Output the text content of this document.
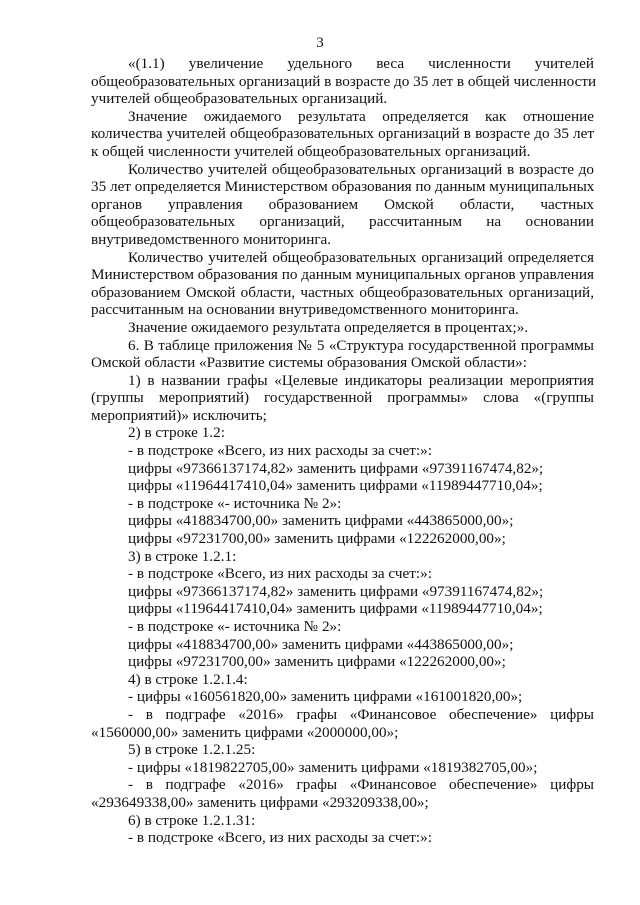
3
«(1.1) увеличение удельного веса численности учителей
общеобразовательных организаций в возрасте до 35 лет в общей численности
учителей общеобразовательных организаций.
Значение ожидаемого результата определяется как отношение
количества учителей общеобразовательных организаций в возрасте до 35 лет
к общей численности учителей общеобразовательных организаций.
Количество учителей общеобразовательных организаций в возрасте до
35 лет определяется Министерством образования по данным муниципальных
органов управления образованием Омской области, частных
общеобразовательных организаций, рассчитанным на основании
внутриведомственного мониторинга.
Количество учителей общеобразовательных организаций определяется
Министерством образования по данным муниципальных органов управления
образованием Омской области, частных общеобразовательных организаций,
рассчитанным на основании внутриведомственного мониторинга.
Значение ожидаемого результата определяется в процентах;».
6. В таблице приложения № 5 «Структура государственной программы
Омской области «Развитие системы образования Омской области»:
1) в названии графы «Целевые индикаторы реализации мероприятия
(группы мероприятий) государственной программы» слова «(группы
мероприятий)» исключить;
2) в строке 1.2:
- в подстроке «Всего, из них расходы за счет:»:
цифры «97366137174,82» заменить цифрами «97391167474,82»;
цифры «11964417410,04» заменить цифрами «11989447710,04»;
- в подстроке «- источника № 2»:
цифры «418834700,00» заменить цифрами «443865000,00»;
цифры «97231700,00» заменить цифрами «122262000,00»;
3) в строке 1.2.1:
- в подстроке «Всего, из них расходы за счет:»:
цифры «97366137174,82» заменить цифрами «97391167474,82»;
цифры «11964417410,04» заменить цифрами «11989447710,04»;
- в подстроке «- источника № 2»:
цифры «418834700,00» заменить цифрами «443865000,00»;
цифры «97231700,00» заменить цифрами «122262000,00»;
4) в строке 1.2.1.4:
- цифры «160561820,00» заменить цифрами «161001820,00»;
- в подграфе «2016» графы «Финансовое обеспечение» цифры
«1560000,00» заменить цифрами «2000000,00»;
5) в строке 1.2.1.25:
- цифры «1819822705,00» заменить цифрами «1819382705,00»;
- в подграфе «2016» графы «Финансовое обеспечение» цифры
«293649338,00» заменить цифрами «293209338,00»;
6) в строке 1.2.1.31:
- в подстроке «Всего, из них расходы за счет:»:
